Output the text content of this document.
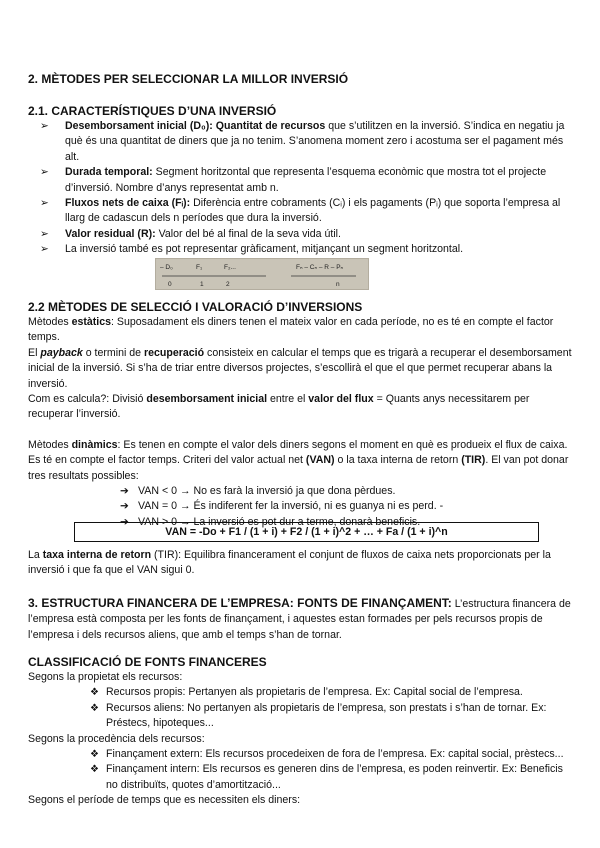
2. MÈTODES PER SELECCIONAR LA MILLOR INVERSIÓ
2.1. CARACTERÍSTIQUES D’UNA INVERSIÓ
➢ Desemborsament inicial (D₀): Quantitat de recursos que s’utilitzen en la inversió. S’indica en negatiu ja què és una quantitat de diners que ja no tenim. S’anomena moment zero i acostuma ser el pagament més alt.
➢ Durada temporal: Segment horitzontal que representa l’esquema econòmic que mostra tot el projecte d’inversió. Nombre d’anys representat amb n.
➢ Fluxos nets de caixa (Fᵢ): Diferència entre cobraments (Cᵢ) i els pagaments (Pᵢ) que soporta l’empresa al llarg de cadascun dels n períodes que dura la inversió.
➢ Valor residual (R): Valor del bé al final de la seva vida útil.
➢ La inversió també es pot representar gràficament, mitjançant un segment horitzontal.
– D₀	F₁	F₂...	Fₙ – Cₙ – R – Pₙ
0	1	2	n
2.2 MÈTODES DE SELECCIÓ I VALORACIÓ D’INVERSIONS

Mètodes estàtics: Suposadament els diners tenen el mateix valor en cada període, no es té en compte el factor temps.

El payback o termini de recuperació consisteix en calcular el temps que es trigarà a recuperar el desemborsament inicial de la inversió. Si s’ha de triar entre diversos projectes, s’escollirà el que el que permet recuperar abans la inversió.

Com es calcula?: Divisió desemborsament inicial entre el valor del flux = Quants anys necessitarem per recuperar l’inversió.

Mètodes dinàmics: Es tenen en compte el valor dels diners segons el moment en què es produeix el flux de caixa. Es té en compte el factor temps. Criteri del valor actual net (VAN) o la taxa interna de retorn (TIR). El van pot donar tres resultats possibles:

➔ VAN < 0 → No es farà la inversió ja que dona pèrdues.
➔ VAN = 0 → És indiferent fer la inversió, ni es guanya ni es perd. -
➔ VAN > 0 → La inversió es pot dur a terme, donarà beneficis.
VAN = -Do + F1 / (1 + i) + F2 / (1 + i)^2 + … + Fa / (1 + i)^n

La taxa interna de retorn (TIR): Equilibra financerament el conjunt de fluxos de caixa nets proporcionats per la inversió i que fa que el VAN sigui 0.

3. ESTRUCTURA FINANCERA DE L’EMPRESA: FONTS DE FINANÇAMENT: L’estructura financera de l’empresa està composta per les fonts de finançament, i aquestes estan formades per pels recursos propis de l’empresa i dels recursos aliens, que amb el temps s’han de tornar.

CLASSIFICACIÓ DE FONTS FINANCERES

Segons la propietat els recursos:

❖ Recursos propis: Pertanyen als propietaris de l’empresa. Ex: Capital social de l’empresa.
❖ Recursos aliens: No pertanyen als propietaris de l’empresa, son prestats i s’han de tornar. Ex: Préstecs, hipoteques...

Segons la procedència dels recursos:

❖ Finançament extern: Els recursos procedeixen de fora de l’empresa. Ex: capital social, prèstecs...
❖ Finançament intern: Els recursos es generen dins de l’empresa, es poden reinvertir. Ex: Beneficis no distribuïts, quotes d’amortització...

Segons el període de temps que es necessiten els diners:
